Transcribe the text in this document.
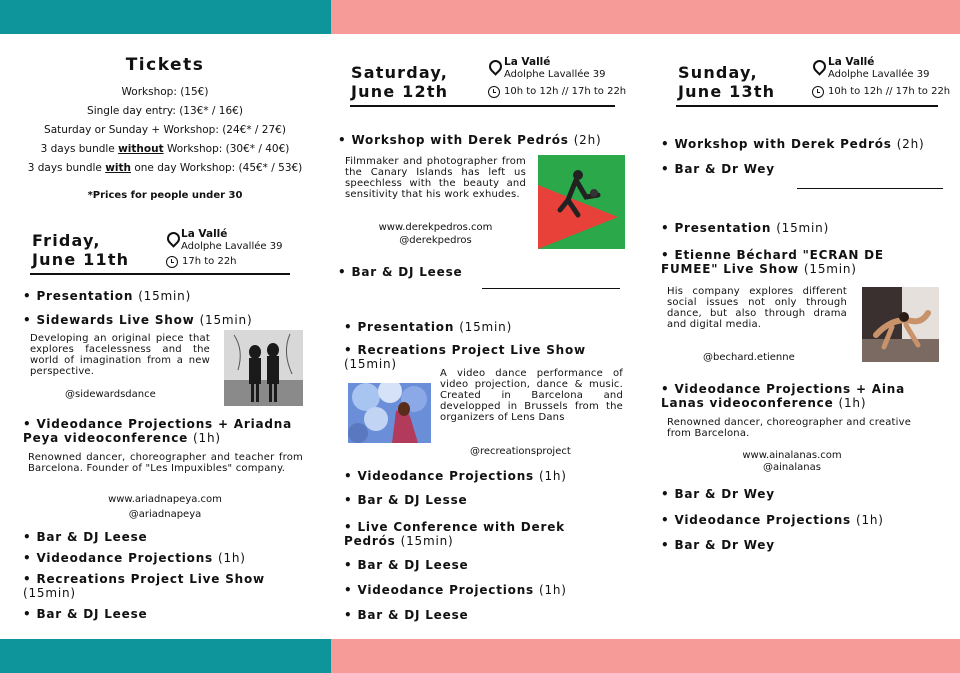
Tickets
Workshop: (15€)
Single day entry: (13€* / 16€)
Saturday or Sunday + Workshop: (24€* / 27€)
3 days bundle without Workshop: (30€* / 40€)
3 days bundle with one day Workshop: (45€* / 53€)
*Prices for people under 30
Friday,
June 11th
La Vallé
Adolphe Lavallée 39
17h to 22h
• Presentation (15min)
• Sidewards Live Show (15min)
Developing an original piece that explores facelessness and the world of imagination from a new perspective.
@sidewardsdance
• Videodance Projections + Ariadna Peya videoconference (1h)
Renowned dancer, choreographer and teacher from Barcelona. Founder of "Les Impuxibles" company.
www.ariadnapeya.com
@ariadnapeya
• Bar & DJ Leese
• Videodance Projections (1h)
• Recreations Project Live Show (15min)
• Bar & DJ Leese
Saturday,
June 12th
La Vallé
Adolphe Lavallée 39
10h to 12h // 17h to 22h
• Workshop with Derek Pedrós (2h)
Filmmaker and photographer from the Canary Islands has left us speechless with the beauty and sensitivity that his work exhudes.
www.derekpedros.com
@derekpedros
• Bar & DJ Leese
• Presentation (15min)
• Recreations Project Live Show
(15min)
A video dance performance of video projection, dance & music. Created in Barcelona and developped in Brussels from the organizers of Lens Dans
@recreationsproject
• Videodance Projections (1h)
• Bar & DJ Lesse
• Live Conference with Derek Pedrós (15min)
• Bar & DJ Leese
• Videodance Projections (1h)
• Bar & DJ Leese
Sunday,
June 13th
La Vallé
Adolphe Lavallée 39
10h to 12h // 17h to 22h
• Workshop with Derek Pedrós (2h)
• Bar & Dr Wey
• Presentation (15min)
• Etienne Béchard "ECRAN DE FUMEE" Live Show (15min)
His company explores different social issues not only through dance, but also through drama and digital media.
@bechard.etienne
• Videodance Projections + Aina Lanas videoconference (1h)
Renowned dancer, choreographer and creative from Barcelona.
www.ainalanas.com
@ainalanas
• Bar & Dr Wey
• Videodance Projections (1h)
• Bar & Dr Wey
